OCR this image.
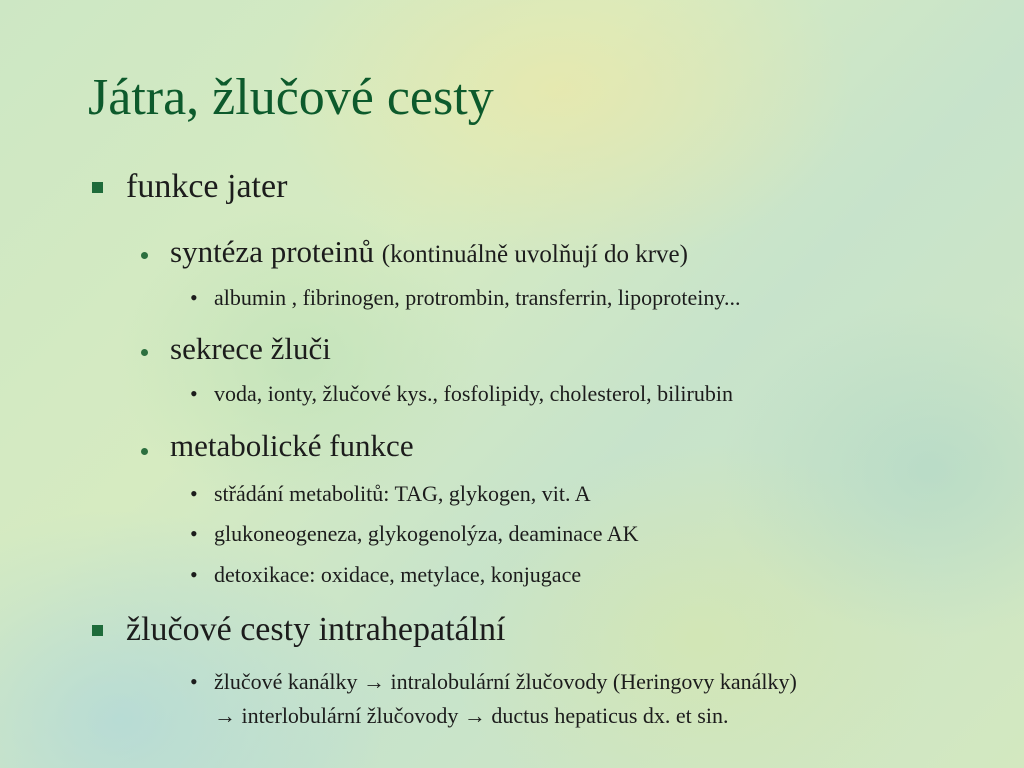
Játra, žlučové cesty
funkce jater
syntéza proteinů (kontinuálně uvolňují do krve)
• albumin , fibrinogen, protrombin, transferrin, lipoproteiny...
sekrece žluči
• voda, ionty, žlučové kys., fosfolipidy, cholesterol, bilirubin
metabolické funkce
• střádání metabolitů: TAG, glykogen, vit. A
• glukoneogeneza, glykogenolýza, deaminace AK
• detoxikace: oxidace, metylace, konjugace
žlučové cesty intrahepatální
• žlučové kanálky → intralobulární žlučovody (Heringovy kanálky)
→ interlobulární žlučovody → ductus hepaticus dx. et sin.
